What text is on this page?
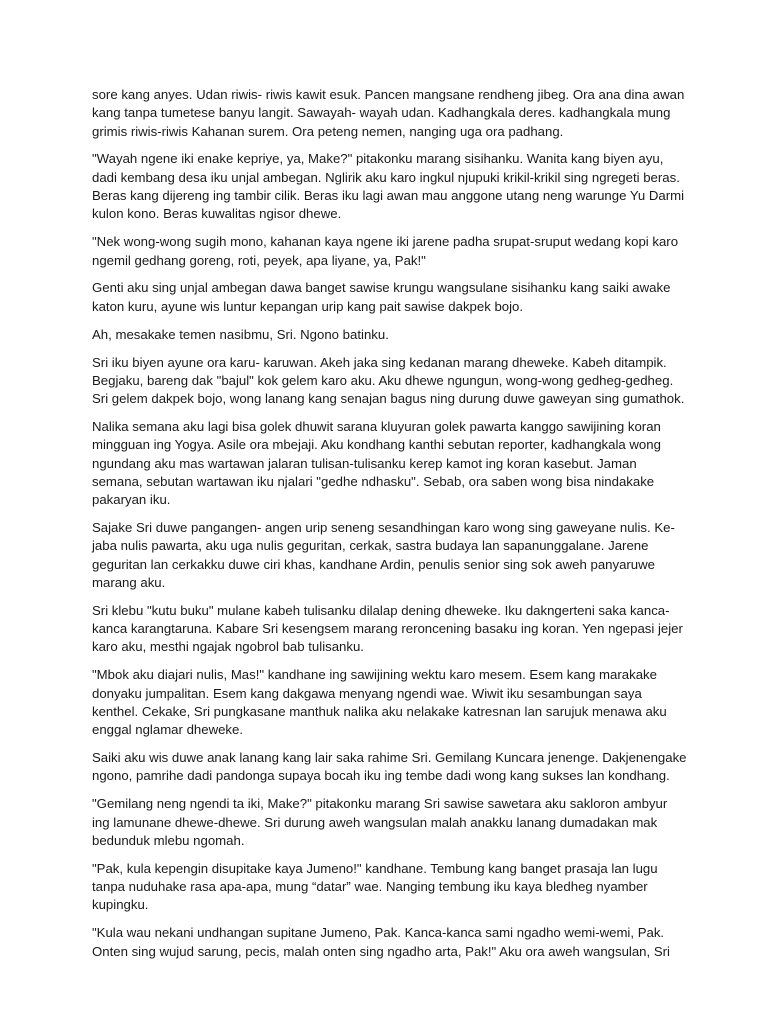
sore kang anyes. Udan riwis- riwis kawit esuk. Pancen mangsane rendheng jibeg. Ora ana dina awan
kang tanpa tumetese banyu langit. Sawayah- wayah udan. Kadhangkala deres. kadhangkala mung
grimis riwis-riwis Kahanan surem. Ora peteng nemen, nanging uga ora padhang.

"Wayah ngene iki enake kepriye, ya, Make?" pitakonku marang sisihanku. Wanita kang biyen ayu,
dadi kembang desa iku unjal ambegan. Nglirik aku karo ingkul njupuki krikil-krikil sing ngregeti beras.
Beras kang dijereng ing tambir cilik. Beras iku lagi awan mau anggone utang neng warunge Yu Darmi
kulon kono. Beras kuwalitas ngisor dhewe.

"Nek wong-wong sugih mono, kahanan kaya ngene iki jarene padha srupat-sruput wedang kopi karo
ngemil gedhang goreng, roti, peyek, apa liyane, ya, Pak!"

Genti aku sing unjal ambegan dawa banget sawise krungu wangsulane sisihanku kang saiki awake
katon kuru, ayune wis luntur kepangan urip kang pait sawise dakpek bojo.

Ah, mesakake temen nasibmu, Sri. Ngono batinku.

Sri iku biyen ayune ora karu- karuwan. Akeh jaka sing kedanan marang dheweke. Kabeh ditampik.
Begjaku, bareng dak "bajul" kok gelem karo aku. Aku dhewe ngungun, wong-wong gedheg-gedheg.
Sri gelem dakpek bojo, wong lanang kang senajan bagus ning durung duwe gaweyan sing gumathok.

Nalika semana aku lagi bisa golek dhuwit sarana kluyuran golek pawarta kanggo sawijining koran
mingguan ing Yogya. Asile ora mbejaji. Aku kondhang kanthi sebutan reporter, kadhangkala wong
ngundang aku mas wartawan jalaran tulisan-tulisanku kerep kamot ing koran kasebut. Jaman
semana, sebutan wartawan iku njalari "gedhe ndhasku". Sebab, ora saben wong bisa nindakake
pakaryan iku.

Sajake Sri duwe pangangen- angen urip seneng sesandhingan karo wong sing gaweyane nulis. Ke-
jaba nulis pawarta, aku uga nulis geguritan, cerkak, sastra budaya lan sapanunggalane. Jarene
geguritan lan cerkakku duwe ciri khas, kandhane Ardin, penulis senior sing sok aweh panyaruwe
marang aku.

Sri klebu "kutu buku" mulane kabeh tulisanku dilalap dening dheweke. Iku dakngerteni saka kanca-
kanca karangtaruna. Kabare Sri kesengsem marang reroncening basaku ing koran. Yen ngepasi jejer
karo aku, mesthi ngajak ngobrol bab tulisanku.

"Mbok aku diajari nulis, Mas!" kandhane ing sawijining wektu karo mesem. Esem kang marakake
donyaku jumpalitan. Esem kang dakgawa menyang ngendi wae. Wiwit iku sesambungan saya
kenthel. Cekake, Sri pungkasane manthuk nalika aku nelakake katresnan lan sarujuk menawa aku
enggal nglamar dheweke.

Saiki aku wis duwe anak lanang kang lair saka rahime Sri. Gemilang Kuncara jenenge. Dakjenengake
ngono, pamrihe dadi pandonga supaya bocah iku ing tembe dadi wong kang sukses lan kondhang.

"Gemilang neng ngendi ta iki, Make?" pitakonku marang Sri sawise sawetara aku sakloron ambyur
ing lamunane dhewe-dhewe. Sri durung aweh wangsulan malah anakku lanang dumadakan mak
bedunduk mlebu ngomah.

"Pak, kula kepengin disupitake kaya Jumeno!" kandhane. Tembung kang banget prasaja lan lugu
tanpa nuduhake rasa apa-apa, mung “datar” wae. Nanging tembung iku kaya bledheg nyamber
kupingku.

"Kula wau nekani undhangan supitane Jumeno, Pak. Kanca-kanca sami ngadho wemi-wemi, Pak.
Onten sing wujud sarung, pecis, malah onten sing ngadho arta, Pak!" Aku ora aweh wangsulan, Sri
